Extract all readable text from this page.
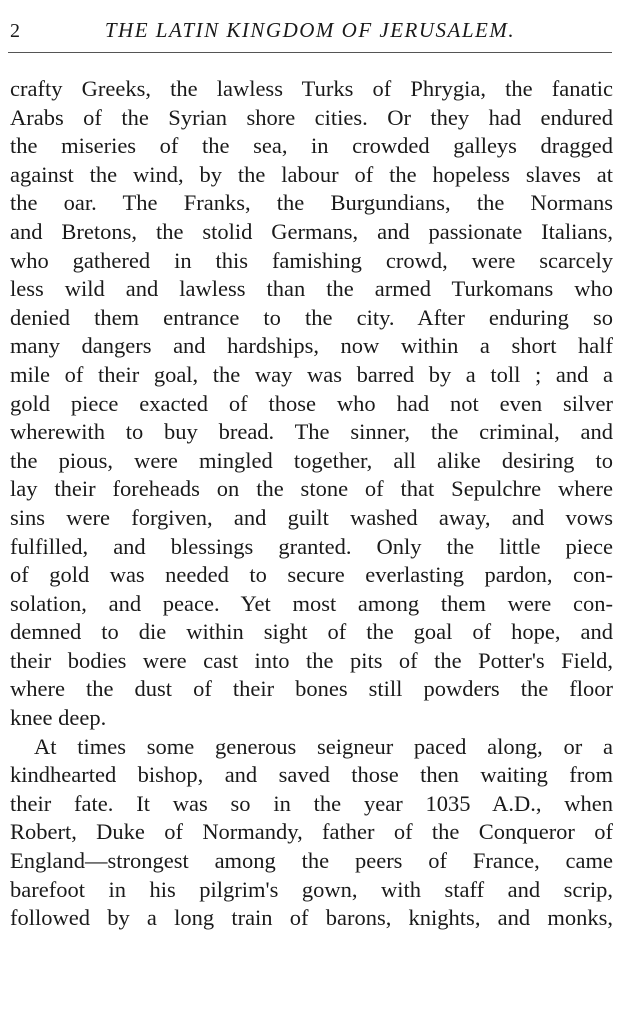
2	THE LATIN KINGDOM OF JERUSALEM.
crafty Greeks, the lawless Turks of Phrygia, the fanatic
Arabs of the Syrian shore cities. Or they had endured
the miseries of the sea, in crowded galleys dragged
against the wind, by the labour of the hopeless slaves at
the oar. The Franks, the Burgundians, the Normans
and Bretons, the stolid Germans, and passionate Italians,
who gathered in this famishing crowd, were scarcely
less wild and lawless than the armed Turkomans who
denied them entrance to the city. After enduring so
many dangers and hardships, now within a short half
mile of their goal, the way was barred by a toll ; and a
gold piece exacted of those who had not even silver
wherewith to buy bread. The sinner, the criminal, and
the pious, were mingled together, all alike desiring to
lay their foreheads on the stone of that Sepulchre where
sins were forgiven, and guilt washed away, and vows
fulfilled, and blessings granted. Only the little piece
of gold was needed to secure everlasting pardon, con-
solation, and peace. Yet most among them were con-
demned to die within sight of the goal of hope, and
their bodies were cast into the pits of the Potter's Field,
where the dust of their bones still powders the floor
knee deep.
At times some generous seigneur paced along, or a
kindhearted bishop, and saved those then waiting from
their fate. It was so in the year 1035 A.D., when
Robert, Duke of Normandy, father of the Conqueror of
England—strongest among the peers of France, came
barefoot in his pilgrim's gown, with staff and scrip,
followed by a long train of barons, knights, and monks,
